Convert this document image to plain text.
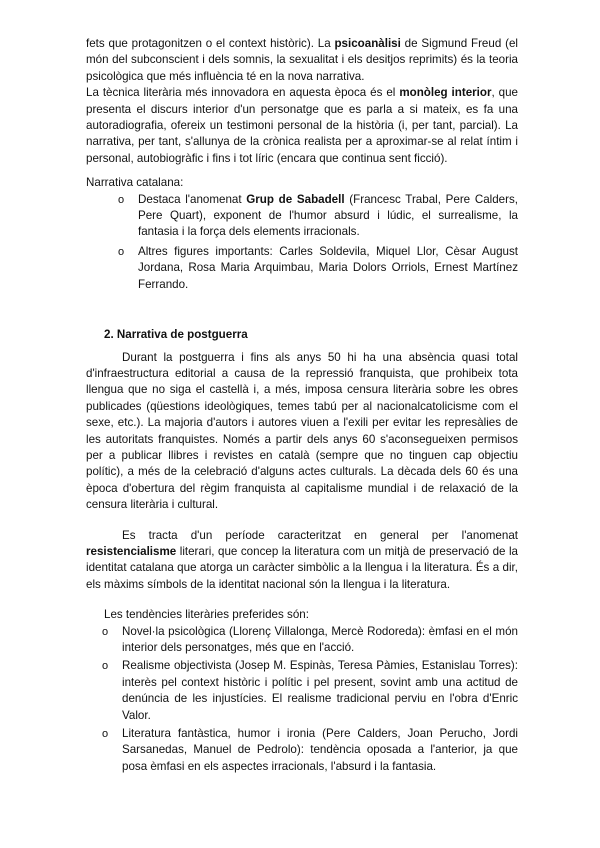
fets que protagonitzen o el context històric). La psicoanàlisi de Sigmund Freud (el món del subconscient i dels somnis, la sexualitat i els desitjos reprimits) és la teoria psicològica que més influència té en la nova narrativa.

La tècnica literària més innovadora en aquesta època és el monòleg interior, que presenta el discurs interior d'un personatge que es parla a si mateix, es fa una autoradiografia, ofereix un testimoni personal de la història (i, per tant, parcial). La narrativa, per tant, s'allunya de la crònica realista per a aproximar-se al relat íntim i personal, autobiogràfic i fins i tot líric (encara que continua sent ficció).

Narrativa catalana:

o Destaca l'anomenat Grup de Sabadell (Francesc Trabal, Pere Calders, Pere Quart), exponent de l'humor absurd i lúdic, el surrealisme, la fantasia i la força dels elements irracionals.
o Altres figures importants: Carles Soldevila, Miquel Llor, Cèsar August Jordana, Rosa Maria Arquimbau, Maria Dolors Orriols, Ernest Martínez Ferrando.

2. Narrativa de postguerra

Durant la postguerra i fins als anys 50 hi ha una absència quasi total d'infraestructura editorial a causa de la repressió franquista, que prohibeix tota llengua que no siga el castellà i, a més, imposa censura literària sobre les obres publicades (qüestions ideològiques, temes tabú per al nacionalcatolicisme com el sexe, etc.). La majoria d'autors i autores viuen a l'exili per evitar les represàlies de les autoritats franquistes. Només a partir dels anys 60 s'aconsegueixen permisos per a publicar llibres i revistes en català (sempre que no tinguen cap objectiu polític), a més de la celebració d'alguns actes culturals. La dècada dels 60 és una època d'obertura del règim franquista al capitalisme mundial i de relaxació de la censura literària i cultural.

Es tracta d'un període caracteritzat en general per l'anomenat resistencialisme literari, que concep la literatura com un mitjà de preservació de la identitat catalana que atorga un caràcter simbòlic a la llengua i la literatura. És a dir, els màxims símbols de la identitat nacional són la llengua i la literatura.

Les tendències literàries preferides són:

o Novel·la psicològica (Llorenç Villalonga, Mercè Rodoreda): èmfasi en el món interior dels personatges, més que en l'acció.
o Realisme objectivista (Josep M. Espinàs, Teresa Pàmies, Estanislau Torres): interès pel context històric i polític i pel present, sovint amb una actitud de denúncia de les injustícies. El realisme tradicional perviu en l'obra d'Enric Valor.
o Literatura fantàstica, humor i ironia (Pere Calders, Joan Perucho, Jordi Sarsanedas, Manuel de Pedrolo): tendència oposada a l'anterior, ja que posa èmfasi en els aspectes irracionals, l'absurd i la fantasia.
